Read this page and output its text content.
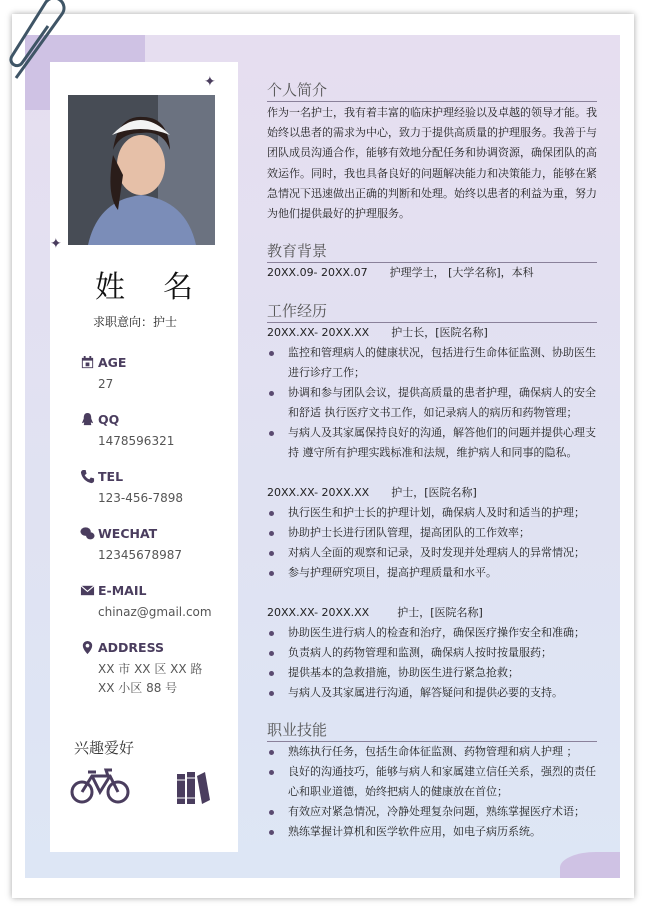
✦
✦
姓名
求职意向：护士
AGE
27
QQ
1478596321
TEL
123-456-7898
WECHAT
12345678987
E-MAIL
chinaz@gmail.com
ADDRESS
XX 市 XX 区 XX 路 XX 小区 88 号
兴趣爱好
个人简介
作为一名护士，我有着丰富的临床护理经验以及卓越的领导才能。我始终以患者的需求为中心，致力于提供高质量的护理服务。我善于与团队成员沟通合作，能够有效地分配任务和协调资源，确保团队的高效运作。同时，我也具备良好的问题解决能力和决策能力，能够在紧急情况下迅速做出正确的判断和处理。始终以患者的利益为重，努力为他们提供最好的护理服务。
教育背景
20XX.09- 20XX.07 护理学士， [大学名称]，本科
工作经历
20XX.XX- 20XX.XX 护士长，[医院名称]
监控和管理病人的健康状况，包括进行生命体征监测、协助医生进行诊疗工作；
协调和参与团队会议，提供高质量的患者护理，确保病人的安全和舒适 执行医疗文书工作，如记录病人的病历和药物管理；
与病人及其家属保持良好的沟通，解答他们的问题并提供心理支持 遵守所有护理实践标准和法规，维护病人和同事的隐私。
20XX.XX- 20XX.XX 护士，[医院名称]
执行医生和护士长的护理计划，确保病人及时和适当的护理；
协助护士长进行团队管理，提高团队的工作效率；
对病人全面的观察和记录，及时发现并处理病人的异常情况；
参与护理研究项目，提高护理质量和水平。
20XX.XX- 20XX.XX	护士，[医院名称]
协助医生进行病人的检查和治疗，确保医疗操作安全和准确；
负责病人的药物管理和监测，确保病人按时按量服药；
提供基本的急救措施，协助医生进行紧急抢救；
与病人及其家属进行沟通，解答疑问和提供必要的支持。
职业技能
熟练执行任务，包括生命体征监测、药物管理和病人护理 ；
良好的沟通技巧，能够与病人和家属建立信任关系，强烈的责任心和职业道德，始终把病人的健康放在首位；
有效应对紧急情况，冷静处理复杂问题，熟练掌握医疗术语；
熟练掌握计算机和医学软件应用，如电子病历系统。
